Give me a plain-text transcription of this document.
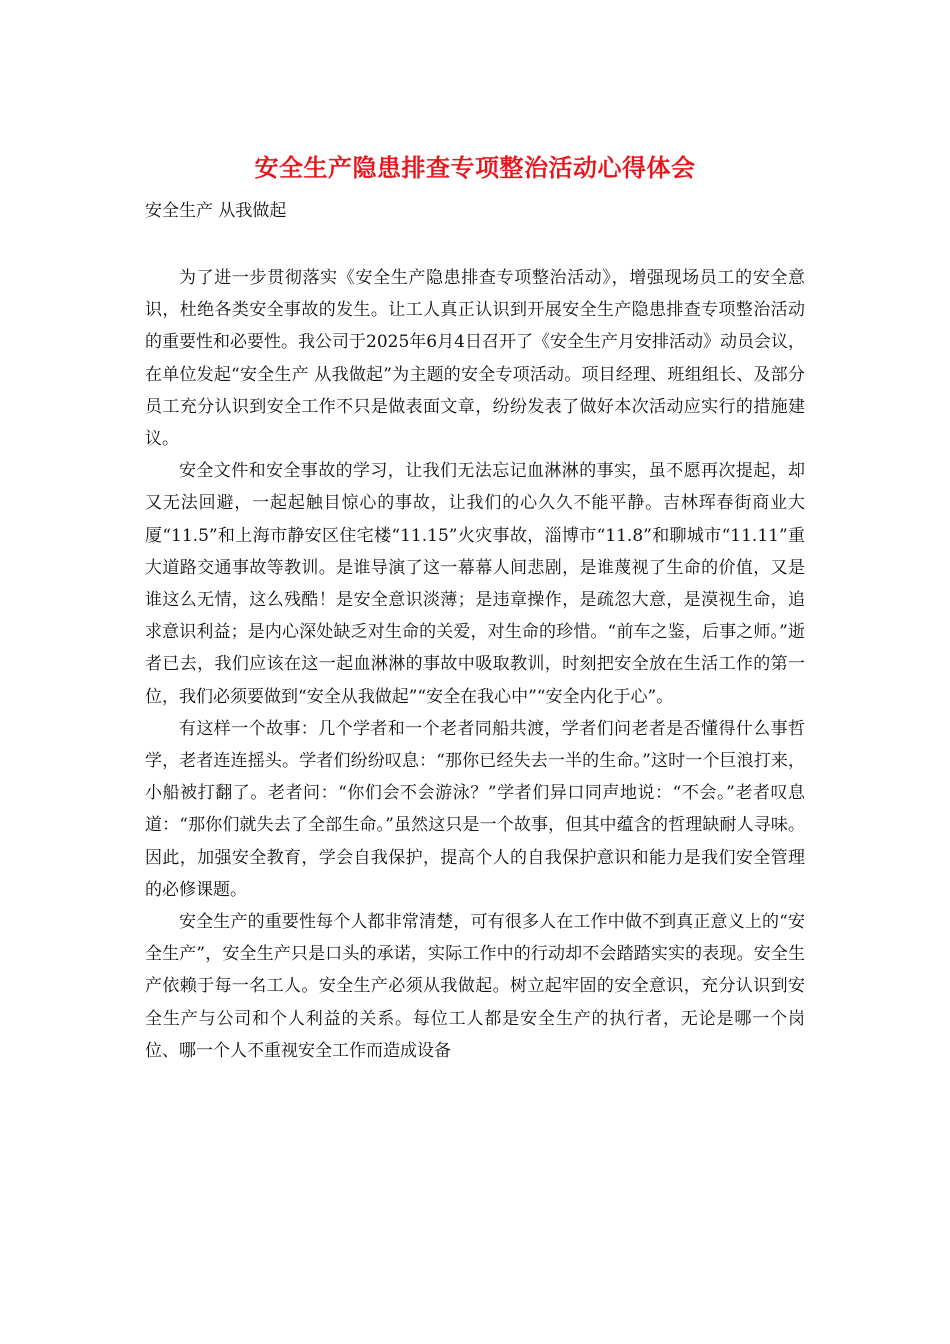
安全生产隐患排查专项整治活动心得体会
安全生产 从我做起

为了进一步贯彻落实《安全生产隐患排查专项整治活动》，增强现场员工的安全意识，杜绝各类安全事故的发生。让工人真正认识到开展安全生产隐患排查专项整治活动的重要性和必要性。我公司于2025年6月4日召开了《安全生产月安排活动》动员会议，在单位发起“安全生产 从我做起”为主题的安全专项活动。项目经理、班组组长、及部分员工充分认识到安全工作不只是做表面文章，纷纷发表了做好本次活动应实行的措施建议。

安全文件和安全事故的学习，让我们无法忘记血淋淋的事实，虽不愿再次提起，却又无法回避，一起起触目惊心的事故，让我们的心久久不能平静。吉林珲春街商业大厦“11.5”和上海市静安区住宅楼“11.15”火灾事故，淄博市“11.8”和聊城市“11.11”重大道路交通事故等教训。是谁导演了这一幕幕人间悲剧，是谁蔑视了生命的价值，又是谁这么无情，这么残酷！是安全意识淡薄；是违章操作，是疏忽大意，是漠视生命，追求意识利益；是内心深处缺乏对生命的关爱，对生命的珍惜。“前车之鉴，后事之师。”逝者已去，我们应该在这一起血淋淋的事故中吸取教训，时刻把安全放在生活工作的第一位，我们必须要做到“安全从我做起”“安全在我心中”“安全内化于心”。

有这样一个故事：几个学者和一个老者同船共渡，学者们问老者是否懂得什么事哲学，老者连连摇头。学者们纷纷叹息：“那你已经失去一半的生命。”这时一个巨浪打来，小船被打翻了。老者问：“你们会不会游泳？”学者们异口同声地说：“不会。”老者叹息道：“那你们就失去了全部生命。”虽然这只是一个故事，但其中蕴含的哲理缺耐人寻味。因此，加强安全教育，学会自我保护，提高个人的自我保护意识和能力是我们安全管理的必修课题。

安全生产的重要性每个人都非常清楚，可有很多人在工作中做不到真正意义上的“安全生产”，安全生产只是口头的承诺，实际工作中的行动却不会踏踏实实的表现。安全生产依赖于每一名工人。安全生产必须从我做起。树立起牢固的安全意识，充分认识到安全生产与公司和个人利益的关系。每位工人都是安全生产的执行者，无论是哪一个岗位、哪一个人不重视安全工作而造成设备
